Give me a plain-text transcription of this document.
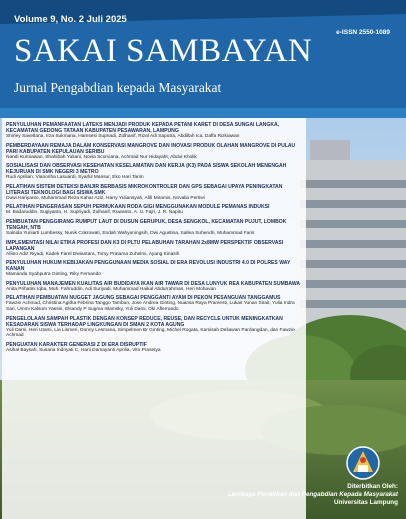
Volume 9, No. 2 Juli 2025
e-ISSN 2550-1089
SAKAI SAMBAYAN
Jurnal Pengabdian kepada Masyarakat
PENYULUHAN PEMANFAATAN LATEKS MENJADI PRODUK KEPADA PETANI KARET DI DESA SUNGAI LANGKA, KECAMATAN GEDONG TATAAN KABUPATEN PESAWARAN, LAMPUNG
Shirley Savetlana, Irza Sukmana, Hamsesi Supriadi, Zulhanif, Rizal Adi Saputra, Abdillah Ica, Daffa Rizkiawan
PEMBERDAYAAN REMAJA DALAM KONSERVASI MANGROVE DAN INOVASI PRODUK OLAHAN MANGROVE DI PULAU PARI KABUPATEN KEPULAUAN SERIBU
Nandi Kurniawan, Shahibah Yuliani, Novia Scorviana, Achmad Nur Hidayaht, Abdul Kholik
SOSIALISASI DAN OBSERVASI KESEHATAN KESELAMATAN DAN KERJA (K3) PADA SISWA SEKOLAH MENENGAH KEJURUAN DI SMK NEGERI 3 METRO
Rudi Aprilian, Vianoriha Lasuardi, Syaiful Mansur, Eko Hari Tarim
PELATIHAN SISTEM DETEKSI BANJIR BERBASIS MIKROKONTROLER DAN GPS SEBAGAI UPAYA PENINGKATAN LITERASI TEKNOLOGI BAGI SISWA SMK
Duwi Hariyanto, Muhammad Reza Kahar Aziz, Harry Yuliansyah, Alifi Miramis, Novalia Pertiwi
PELATIHAN PENGERASAN SEPUH PERMUKAAN RODA GIGI MENGGUNAKAN MODULE PEMANAS INDUKSI
M. Badaruddin, Sugiyanto, H. Supriyadi, Zulhanif, Ruwanto, A. U. Fajri, J. R. Napitu
PEMBUATAN PENGGIRANG RUMPUT LAUT DI DUSUN GERUPUK, DESA SENGKOL, KECAMATAN PUJUT, LOMBOK TENGAH, NTB
Salnida Yuniarti Lumbessy, Nunik Cokrowati, Endah Wahyuningsih, Dwi Agustina, Sallea Suhendri, Muhammad Faris
IMPLEMENTASI NILAI ETIKA PROFESI DAN K3 DI PLTU PELABUHAN TARAHAN 2x8MW PERSPEKTIF OBSERVASI LAPANGAN
Afiino Adiz Riyadi, Kadek Farel Dwiantara, Tomy Pratama Zuhelmi, Ayang Kinasih
PENYULUHAN HUKUM KEBIJAKAN PENGGUNAAN MEDIA SOSIAL DI ERA REVOLUSI INDUSTRI 4.0 DI POLRES WAY KANAN
Mamanda Syahputra Ginting, Riky Fernando
PENYULUHAN MANAJEMEN KUALITAS AIR BUDIDAYA IKAN AIR TAWAR DI DESA LUNYUK REA KABUPATEN SUMBAWA
Anita Prihatini Iqba, Muh. Fahruddin, Adi Suriyadi, Muhammad Haikal Abdurrahman, Heri Mohavan
PELATIHAN PEMBUATAN NUGGET JAGUNG SEBAGAI PENGGANTI AYAM DI PEKON PESANGUAN TANGGAMUS
Fawzie Achmad, Christina Agitha Febrina Tanggo Tambun, Jose Andrea Ginting, Nuansa Raya Pramesti, Lukas Yunan Sirait, Yulia Indra Sari, Ummi Kalsum Yassin, Elsandy P Sugma Islamsky, Yuli Dami, Oki Aflerrando
PENGELOLAAN SAMPAH PLASTIK DENGAN KONSEP REDUCE, REUSE, DAN RECYCLE UNTUK MENINGKATKAN KESADARAN SISWA TERHADAP LINGKUNGAN DI SMAN 2 KOTA AGUNG
Yuli Dami, Heri Utami, Lia Lismeri, Donny Lesmana, Simpelmen Br Ginting, Michel Rogata, Kamisah Deliawan Pardangdan, dan Fawzie Achmad
PENGUATAN KARAKTER GENERASI Z DI ERA DISRUPTIF
Asihal Baysah, Susana Indriyati C, Hani Damayanti Aprilia, Vito Prasetya
Diterbitkan Oleh:
Lembaga Penelitian dan Pengabdian Kepada Masyarakat
Universitas Lampung
